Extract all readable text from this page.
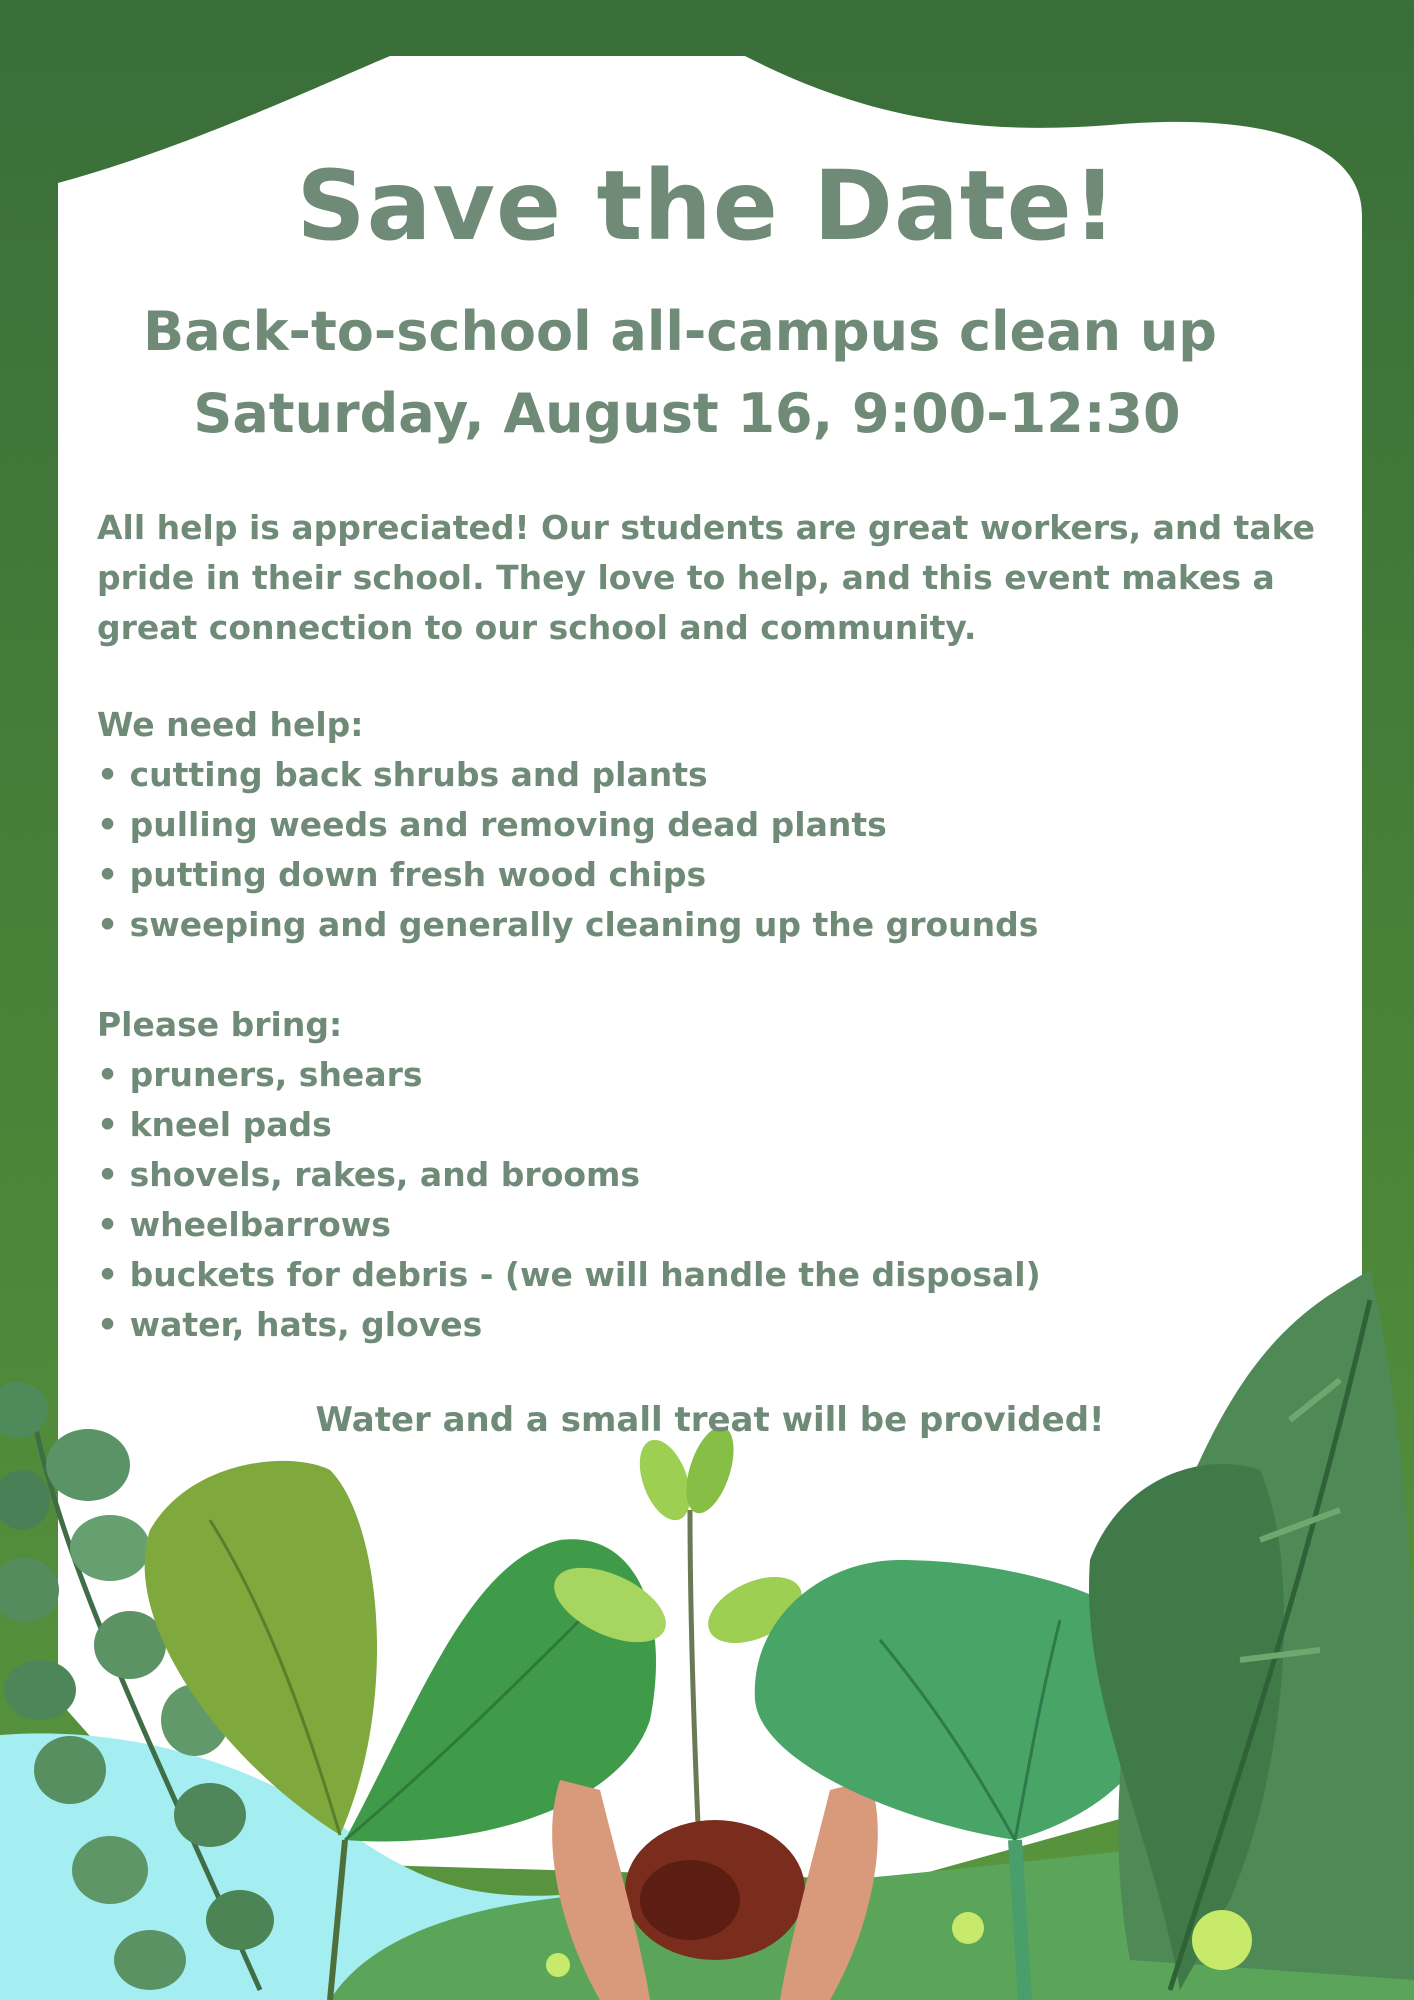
Save the Date!
Back-to-school all-campus clean up
Saturday, August 16, 9:00-12:30

All help is appreciated! Our students are great workers, and take pride in their school. They love to help, and this event makes a great connection to our school and community.

We need help:
• cutting back shrubs and plants
• pulling weeds and removing dead plants
• putting down fresh wood chips
• sweeping and generally cleaning up the grounds
Please bring:
• pruners, shears
• kneel pads
• shovels, rakes, and brooms
• wheelbarrows
• buckets for debris - (we will handle the disposal)
• water, hats, gloves
Water and a small treat will be provided!
